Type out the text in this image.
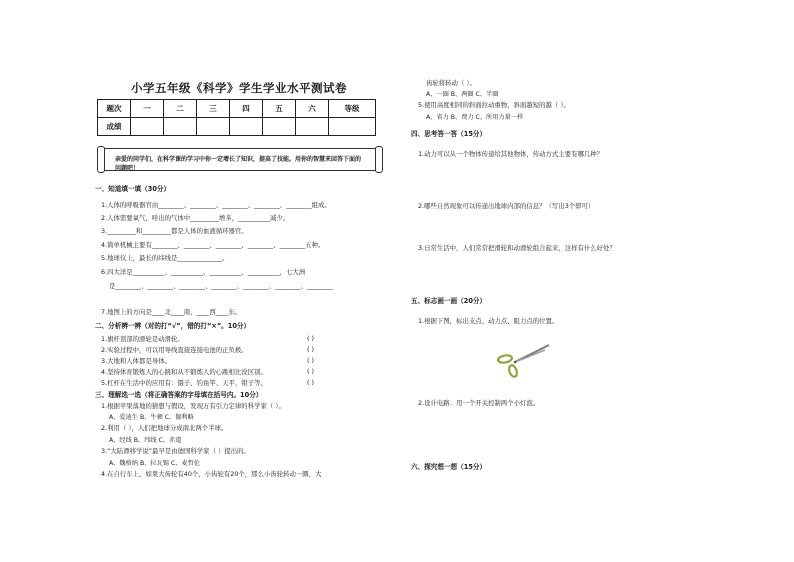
小学五年级《科学》学生学业水平测试卷
题次	一	二	三	四	五	六	等级
成绩							
亲爱的同学们，在科学课的学习中你一定增长了知识，提高了技能。用你的智慧来回答下面的问题吧！
一、知道填一填（30分）
1.人体的呼吸器官由________、________、________、________、________组成。
2.人体需要氧气，呼出的气体中_________增多，__________减少。
3._________和_________都是人体的血液循环器官。
4.简单机械主要有________、________、________、________、________五种。
5.地球仪上，最长的纬线是______________。
6.四大洋是__________、__________、__________、__________，七大洲
是________、________、________、________、________、________、________
7.地图上的方向是____北____南，____西____东。
二、分析辨一辨（对的打“√”，错的打“×”。10分）
1.旗杆顶部的滑轮是动滑轮。	( )
2.实验过程中，可以用导线直接连接电池的正负极。	( )
3.大地和人体都是导体。	( )
4.坚持体育锻炼人的心跳和从不锻炼人的心跳相比没区别。	( )
5.杠杆在生活中的应用有：镊子、钓鱼竿、天平、钳子等。	( )
三、理解选一选（将正确答案的字母填在括号内。10分）
1.根据苹果落地的猜想与假设，发现万有引力定律的科学家（ ）。
A、爱迪生 B、牛顿 C、伽利略
2.利用（ ），人们把地球分成南北两个半球。
A、经线 B、纬线 C、赤道
3.“大陆漂移学说”最早是由德国科学家（ ）提出的。
A、魏格纳 B、拉瓦锡 C、麦哲伦
4.在自行车上，如果大齿轮有40个，小齿轮有20个，那么小齿轮转动一圈，大
齿轮将转动（ ）。
A、一圈 B、两圈 C、半圈
5.使用高度相同的斜面拉动重物，斜面越短的越（ ）。
A、省力 B、费力 C、所用力量一样
四、思考答一答（15分）
1.动力可以从一个物体传递给其他物体，传动方式主要有哪几种？
2.哪些自然现象可以传递出地球内部的信息？（写出3个即可）
3.日常生活中，人们常常把滑轮和动滑轮组合起来，这样有什么好处？
五、标志画一画（20分）
1.根据下图，标出支点、动力点、阻力点的位置。
2.设计电路：用一个开关控制两个小灯泡。
六、探究想一想（15分）
